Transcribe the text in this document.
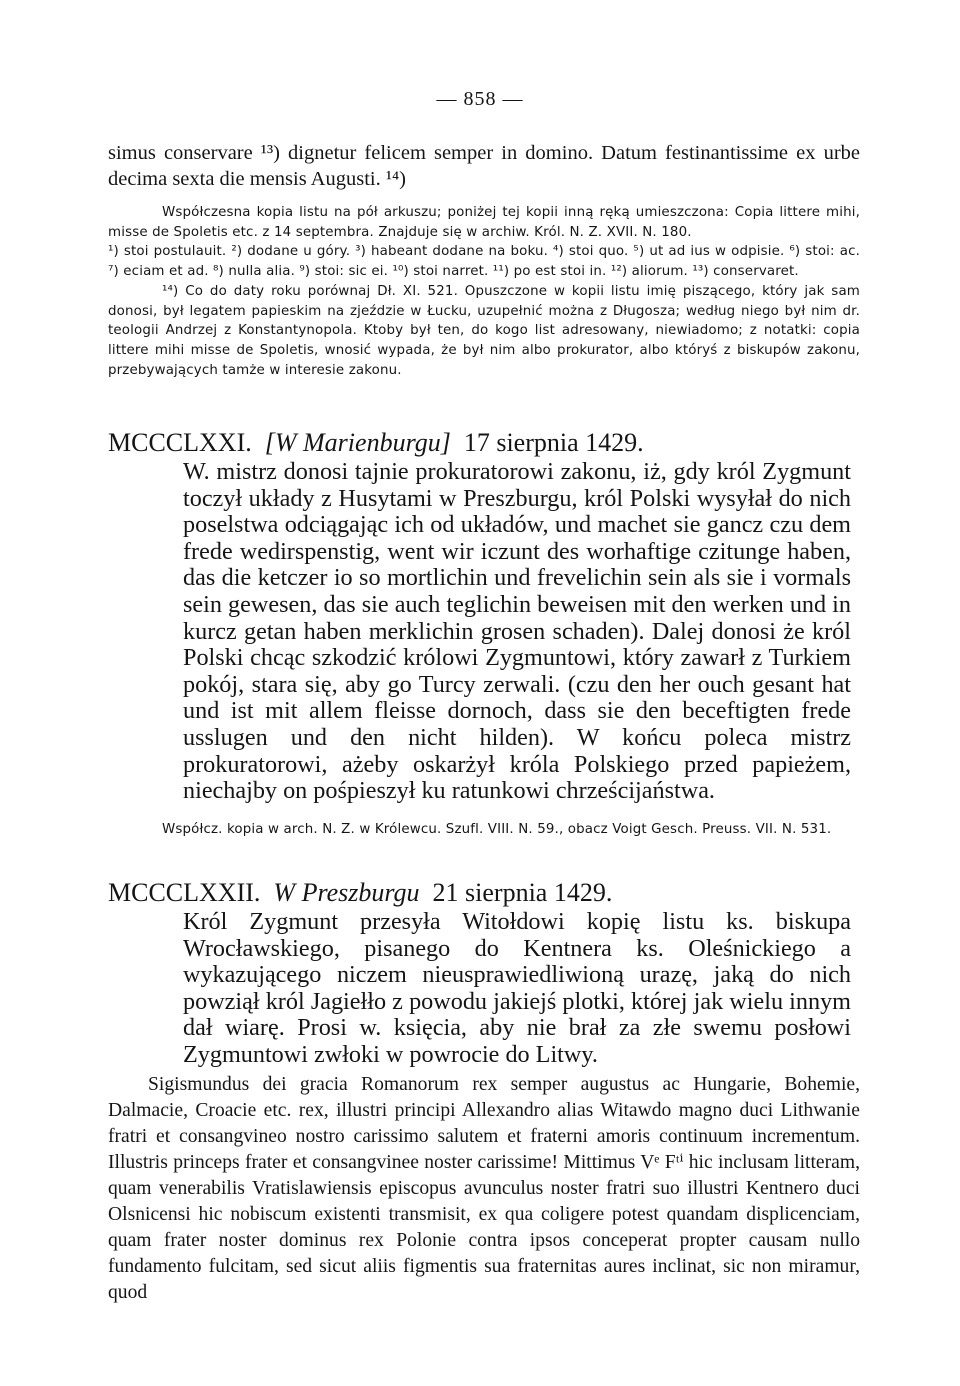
— 858 —
simus conservare ¹³) dignetur felicem semper in domino. Datum festinantissime ex urbe decima sexta die mensis Augusti. ¹⁴)

Współczesna kopia listu na pół arkuszu; poniżej tej kopii inną ręką umieszczona: Copia littere mihi, misse de Spoletis etc. z 14 septembra. Znajduje się w archiw. Król. N. Z. XVII. N. 180.

¹) stoi postulauit. ²) dodane u góry. ³) habeant dodane na boku. ⁴) stoi quo. ⁵) ut ad ius w odpisie. ⁶) stoi: ac. ⁷) eciam et ad. ⁸) nulla alia. ⁹) stoi: sic ei. ¹⁰) stoi narret. ¹¹) po est stoi in. ¹²) aliorum. ¹³) conservaret.

¹⁴) Co do daty roku porównaj Dł. XI. 521. Opuszczone w kopii listu imię piszącego, który jak sam donosi, był legatem papieskim na zjeździe w Łucku, uzupełnić można z Długosza; według niego był nim dr. teologii Andrzej z Konstantynopola. Ktoby był ten, do kogo list adresowany, niewiadomo; z notatki: copia littere mihi misse de Spoletis, wnosić wypada, że był nim albo prokurator, albo któryś z biskupów zakonu, przebywających tamże w interesie zakonu.

MCCCLXXI. [W Marienburgu] 17 sierpnia 1429.
W. mistrz donosi tajnie prokuratorowi zakonu, iż, gdy król Zygmunt toczył układy z Husytami w Preszburgu, król Polski wysyłał do nich poselstwa odciągając ich od układów, und machet sie gancz czu dem frede wedirspenstig, went wir iczunt des worhaftige czitunge haben, das die ketczer io so mortlichin und frevelichin sein als sie i vormals sein gewesen, das sie auch teglichin beweisen mit den werken und in kurcz getan haben merklichin grosen schaden). Dalej donosi że król Polski chcąc szkodzić królowi Zygmuntowi, który zawarł z Turkiem pokój, stara się, aby go Turcy zerwali. (czu den her ouch gesant hat und ist mit allem fleisse dornoch, dass sie den beceftigten frede usslugen und den nicht hilden). W końcu poleca mistrz prokuratorowi, ażeby oskarżył króla Polskiego przed papieżem, niechajby on pośpieszył ku ratunkowi chrześcijaństwa.

Współcz. kopia w arch. N. Z. w Królewcu. Szufl. VIII. N. 59., obacz Voigt Gesch. Preuss. VII. N. 531.

MCCCLXXII. W Preszburgu 21 sierpnia 1429.
Król Zygmunt przesyła Witołdowi kopię listu ks. biskupa Wrocławskiego, pisanego do Kentnera ks. Oleśnickiego a wykazującego niczem nieusprawiedliwioną urazę, jaką do nich powziął król Jagiełło z powodu jakiejś plotki, której jak wielu innym dał wiarę. Prosi w. księcia, aby nie brał za złe swemu posłowi Zygmuntowi zwłoki w powrocie do Litwy.

Sigismundus dei gracia Romanorum rex semper augustus ac Hungarie, Bohemie, Dalmacie, Croacie etc. rex, illustri principi Allexandro alias Witawdo magno duci Lithwanie fratri et consangvineo nostro carissimo salutem et fraterni amoris continuum incrementum. Illustris princeps frater et consangvinee noster carissime! Mittimus Vᵉ Fᵗⁱ hic inclusam litteram, quam venerabilis Vratislawiensis episcopus avunculus noster fratri suo illustri Kentnero duci Olsnicensi hic nobiscum existenti transmisit, ex qua coligere potest quandam displicenciam, quam frater noster dominus rex Polonie contra ipsos conceperat propter causam nullo fundamento fulcitam, sed sicut aliis figmentis sua fraternitas aures inclinat, sic non miramur, quod
